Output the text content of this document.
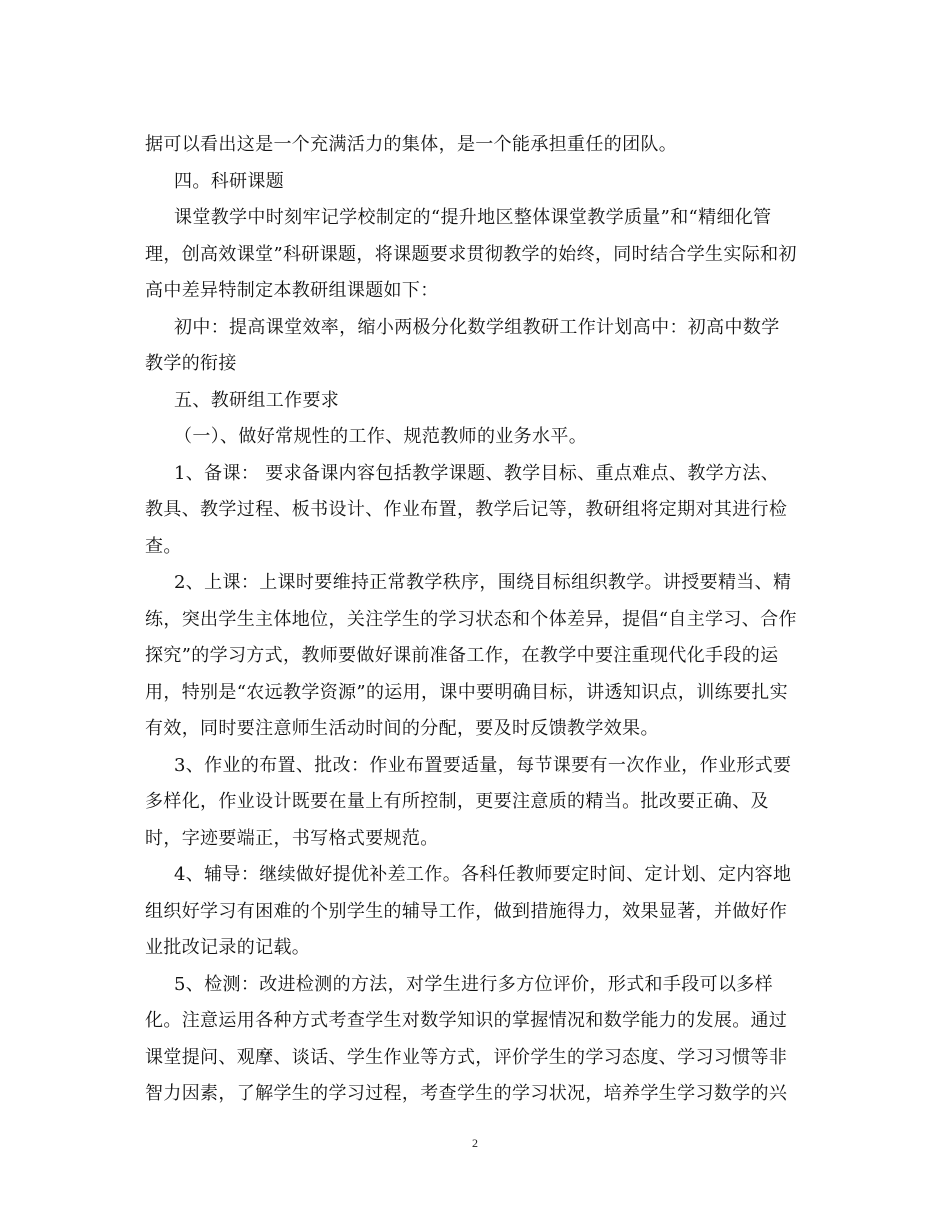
据可以看出这是一个充满活力的集体，是一个能承担重任的团队。
四。科研课题
课堂教学中时刻牢记学校制定的“提升地区整体课堂教学质量”和“精细化管
理，创高效课堂”科研课题，将课题要求贯彻教学的始终，同时结合学生实际和初
高中差异特制定本教研组课题如下：
初中：提高课堂效率，缩小两极分化数学组教研工作计划高中：初高中数学
教学的衔接
五、教研组工作要求
（一）、做好常规性的工作、规范教师的业务水平。
1、备课： 要求备课内容包括教学课题、教学目标、重点难点、教学方法、
教具、教学过程、板书设计、作业布置，教学后记等，教研组将定期对其进行检
查。
2、上课：上课时要维持正常教学秩序，围绕目标组织教学。讲授要精当、精
练，突出学生主体地位，关注学生的学习状态和个体差异，提倡“自主学习、合作
探究”的学习方式，教师要做好课前准备工作，在教学中要注重现代化手段的运
用，特别是“农远教学资源”的运用，课中要明确目标，讲透知识点，训练要扎实
有效，同时要注意师生活动时间的分配，要及时反馈教学效果。
3、作业的布置、批改：作业布置要适量，每节课要有一次作业，作业形式要
多样化，作业设计既要在量上有所控制，更要注意质的精当。批改要正确、及
时，字迹要端正，书写格式要规范。
4、辅导：继续做好提优补差工作。各科任教师要定时间、定计划、定内容地
组织好学习有困难的个别学生的辅导工作，做到措施得力，效果显著，并做好作
业批改记录的记载。
5、检测：改进检测的方法，对学生进行多方位评价，形式和手段可以多样
化。注意运用各种方式考查学生对数学知识的掌握情况和数学能力的发展。通过
课堂提问、观摩、谈话、学生作业等方式，评价学生的学习态度、学习习惯等非
智力因素，了解学生的学习过程，考查学生的学习状况，培养学生学习数学的兴
2
